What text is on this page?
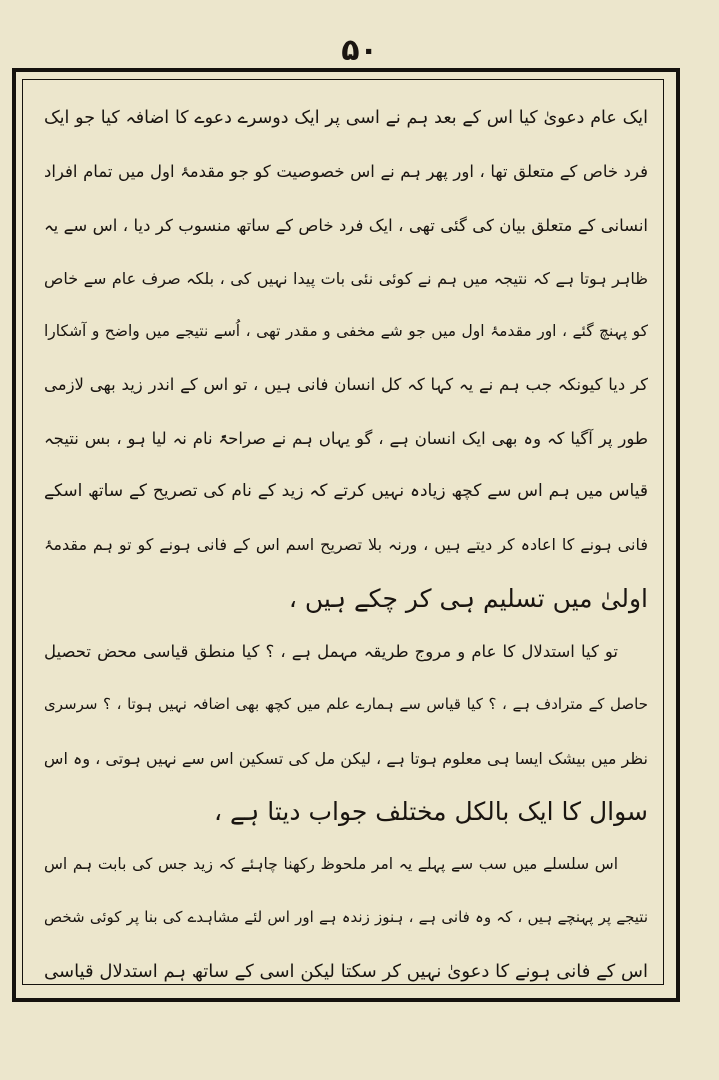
۵۰
ایک عام دعویٰ کیا اس کے بعد ہم نے اسی پر ایک دوسرے دعوے کا اضافہ کیا جو ایک
فرد خاص کے متعلق تھا ، اور پھر ہم نے اس خصوصیت کو جو مقدمۂ اول میں تمام افراد
انسانی کے متعلق بیان کی گئی تھی ، ایک فرد خاص کے ساتھ منسوب کر دیا ، اس سے یہ
ظاہر ہوتا ہے کہ نتیجہ میں ہم نے کوئی نئی بات پیدا نہیں کی ، بلکہ صرف عام سے خاص
کو پہنچ گئے ، اور مقدمۂ اول میں جو شے مخفی و مقدر تھی ، اُسے نتیجے میں واضح و آشکارا
کر دیا کیونکہ جب ہم نے یہ کہا کہ کل انسان فانی ہیں ، تو اس کے اندر زید بھی لازمی
طور پر آگیا کہ وہ بھی ایک انسان ہے ، گو یہاں ہم نے صراحۃً نام نہ لیا ہو ، بس نتیجہ
قیاس میں ہم اس سے کچھ زیادہ نہیں کرتے کہ زید کے نام کی تصریح کے ساتھ اسکے
فانی ہونے کا اعادہ کر دیتے ہیں ، ورنہ بلا تصریح اسم اس کے فانی ہونے کو تو ہم مقدمۂ
اولیٰ میں تسلیم ہی کر چکے ہیں ،
تو کیا استدلال کا عام و مروج طریقہ مہمل ہے ، ؟ کیا منطق قیاسی محض تحصیل
حاصل کے مترادف ہے ، ؟ کیا قیاس سے ہمارے علم میں کچھ بھی اضافہ نہیں ہوتا ، ؟ سرسری
نظر میں بیشک ایسا ہی معلوم ہوتا ہے ، لیکن مل کی تسکین اس سے نہیں ہوتی ، وہ اس
سوال کا ایک بالکل مختلف جواب دیتا ہے ،
اس سلسلے میں سب سے پہلے یہ امر ملحوظ رکھنا چاہئے کہ زید جس کی بابت ہم اس
نتیجے پر پہنچے ہیں ، کہ وہ فانی ہے ، ہنوز زندہ ہے اور اس لئے مشاہدے کی بنا پر کوئی شخص
اس کے فانی ہونے کا دعویٰ نہیں کر سکتا لیکن اسی کے ساتھ ہم استدلال قیاسی
